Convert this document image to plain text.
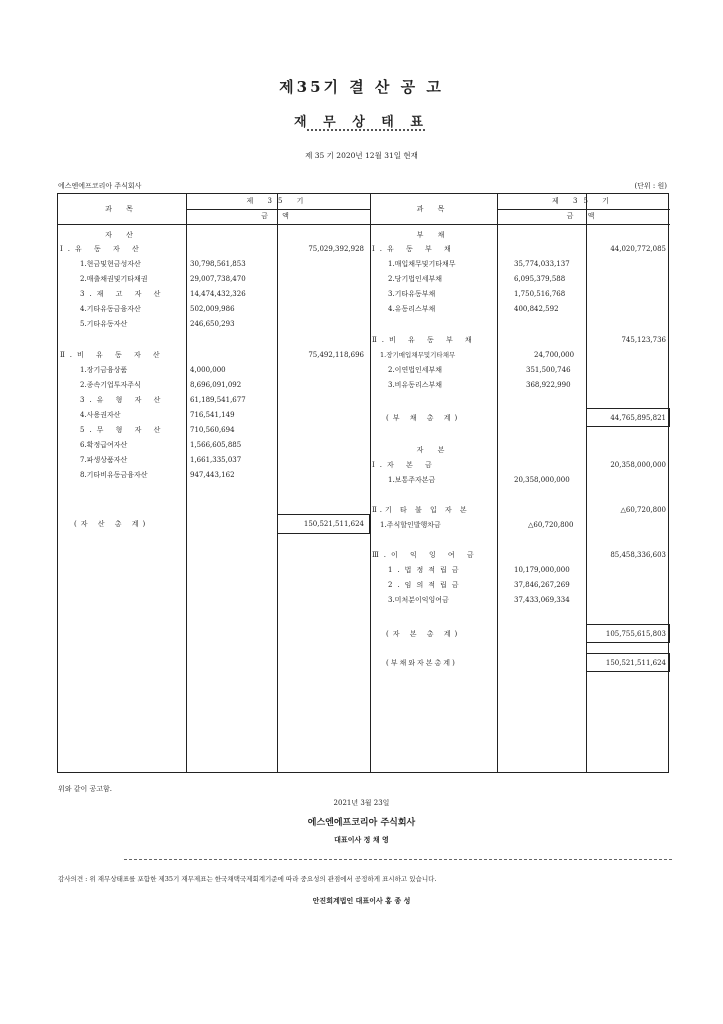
제35기 결 산 공 고
재 무 상 태 표
제 35 기 2020년 12월 31일 현재
에스엔에프코리아 주식회사	(단위 : 원)
과 목
제 35 기
금 액
과 목
제 35 기
금 액
자 산
Ⅰ.유 동 자 산	75,029,392,928
1.현금및현금성자산	30,798,561,853
2.매출채권및기타채권	29,007,738,470
3.재 고 자 산	14,474,432,326
4.기타유동금융자산	502,009,986
5.기타유동자산	246,650,293
Ⅱ.비 유 동 자 산	75,492,118,696
1.장기금융상품	4,000,000
2.종속기업투자주식	8,696,091,092
3.유 형 자 산	61,189,541,677
4.사용권자산	716,541,149
5.무 형 자 산	710,560,694
6.확정급여자산	1,566,605,885
7.파생상품자산	1,661,335,037
8.기타비유동금융자산	947,443,162
(자 산 총 계)	150,521,511,624
부 채
Ⅰ.유 동 부 채	44,020,772,085
1.매입채무및기타채무	35,774,033,137
2.당기법인세부채	6,095,379,588
3.기타유동부채	1,750,516,768
4.유동리스부채	400,842,592
Ⅱ.비 유 동 부 채	745,123,736
1.장기매입채무및기타채무	24,700,000
2.이연법인세부채	351,500,746
3.비유동리스부채	368,922,990
(부 채 총 계)	44,765,895,821
자 본
Ⅰ.자 본 금	20,358,000,000
1.보통주자본금	20,358,000,000
Ⅱ.기 타 불 입 자 본	△60,720,800
1.주식할인발행차금	△60,720,800
Ⅲ.이 익 잉 여 금	85,458,336,603
1.법정적립금	10,179,000,000
2.임의적립금	37,846,267,269
3.미처분이익잉여금	37,433,069,334
(자 본 총 계)	105,755,615,803
(부채와자본총계)	150,521,511,624
위와 같이 공고함.
2021년 3월 23일
에스엔에프코리아 주식회사
대표이사 정 채 영
감사의견 : 위 재무상태표를 포함한 제35기 재무제표는 한국채택국제회계기준에 따라 중요성의 관점에서 공정하게 표시하고 있습니다.
안진회계법인 대표이사 홍 종 성
